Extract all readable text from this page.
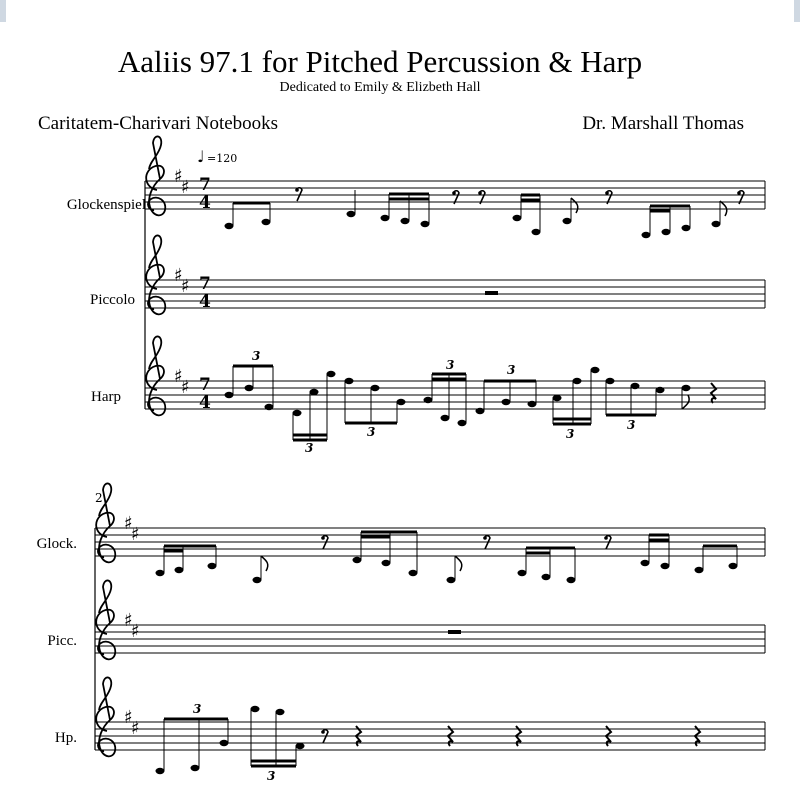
Aaliis 97.1 for Pitched Percussion & Harp
Dedicated to Emily & Elizbeth Hall
Caritatem-Charivari Notebooks	Dr. Marshall Thomas
Glockenspiel
Piccolo
Harp
Glock.
Picc.
Hp.
3
3
3
3	3
3
3
♩ =120
2
3
3
